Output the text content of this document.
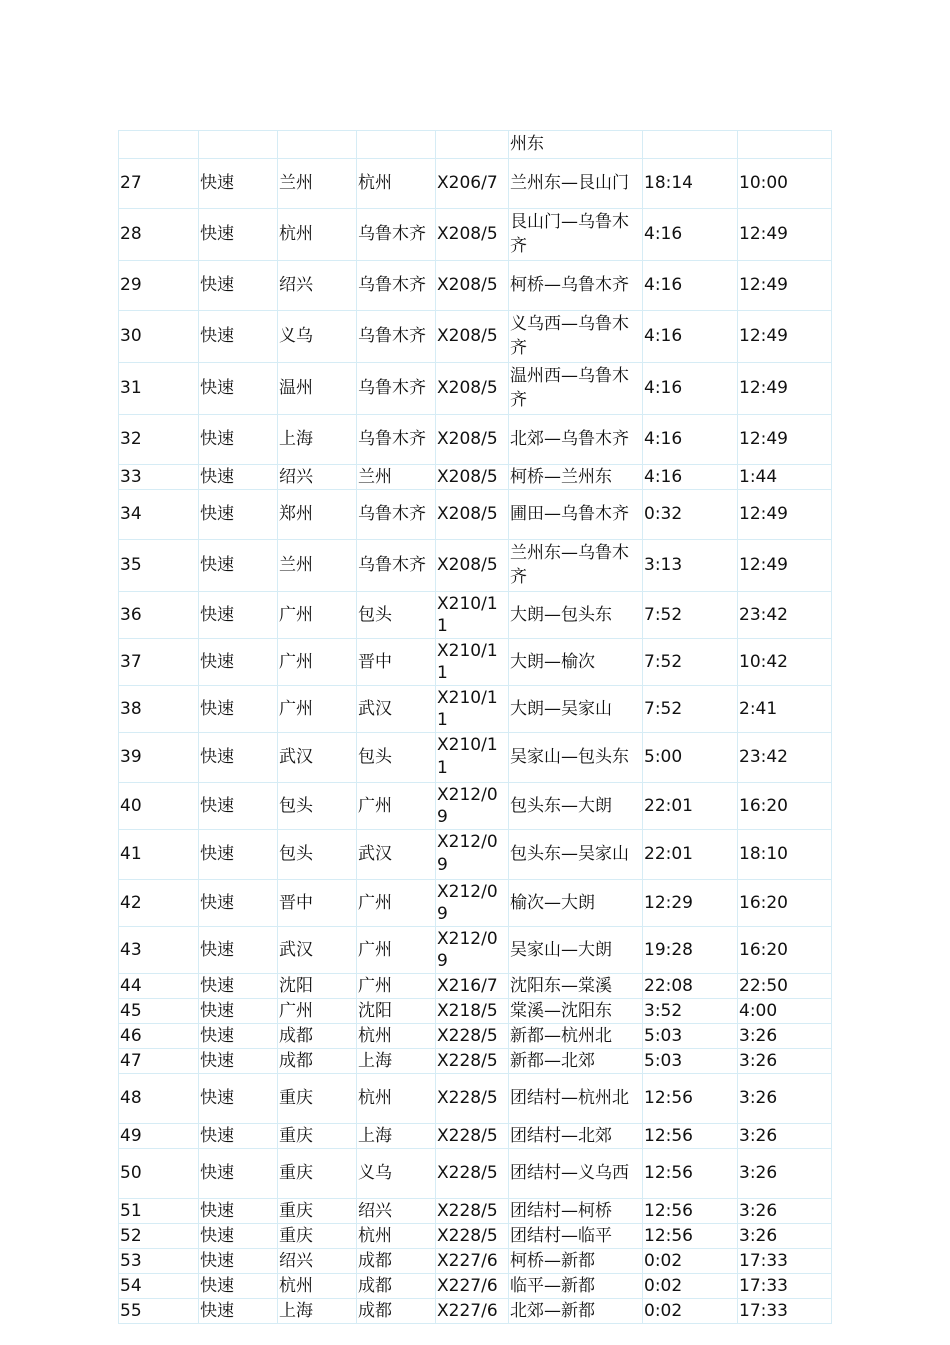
					州东		
27	快速	兰州	杭州	X206/7	兰州东—艮山门	18:14	10:00
28	快速	杭州	乌鲁木齐	X208/5	艮山门—乌鲁木齐	4:16	12:49
29	快速	绍兴	乌鲁木齐	X208/5	柯桥—乌鲁木齐	4:16	12:49
30	快速	义乌	乌鲁木齐	X208/5	义乌西—乌鲁木齐	4:16	12:49
31	快速	温州	乌鲁木齐	X208/5	温州西—乌鲁木齐	4:16	12:49
32	快速	上海	乌鲁木齐	X208/5	北郊—乌鲁木齐	4:16	12:49
33	快速	绍兴	兰州	X208/5	柯桥—兰州东	4:16	1:44
34	快速	郑州	乌鲁木齐	X208/5	圃田—乌鲁木齐	0:32	12:49
35	快速	兰州	乌鲁木齐	X208/5	兰州东—乌鲁木齐	3:13	12:49
36	快速	广州	包头	X210/11	大朗—包头东	7:52	23:42
37	快速	广州	晋中	X210/11	大朗—榆次	7:52	10:42
38	快速	广州	武汉	X210/11	大朗—吴家山	7:52	2:41
39	快速	武汉	包头	X210/11	吴家山—包头东	5:00	23:42
40	快速	包头	广州	X212/09	包头东—大朗	22:01	16:20
41	快速	包头	武汉	X212/09	包头东—吴家山	22:01	18:10
42	快速	晋中	广州	X212/09	榆次—大朗	12:29	16:20
43	快速	武汉	广州	X212/09	吴家山—大朗	19:28	16:20
44	快速	沈阳	广州	X216/7	沈阳东—棠溪	22:08	22:50
45	快速	广州	沈阳	X218/5	棠溪—沈阳东	3:52	4:00
46	快速	成都	杭州	X228/5	新都—杭州北	5:03	3:26
47	快速	成都	上海	X228/5	新都—北郊	5:03	3:26
48	快速	重庆	杭州	X228/5	团结村—杭州北	12:56	3:26
49	快速	重庆	上海	X228/5	团结村—北郊	12:56	3:26
50	快速	重庆	义乌	X228/5	团结村—义乌西	12:56	3:26
51	快速	重庆	绍兴	X228/5	团结村—柯桥	12:56	3:26
52	快速	重庆	杭州	X228/5	团结村—临平	12:56	3:26
53	快速	绍兴	成都	X227/6	柯桥—新都	0:02	17:33
54	快速	杭州	成都	X227/6	临平—新都	0:02	17:33
55	快速	上海	成都	X227/6	北郊—新都	0:02	17:33
